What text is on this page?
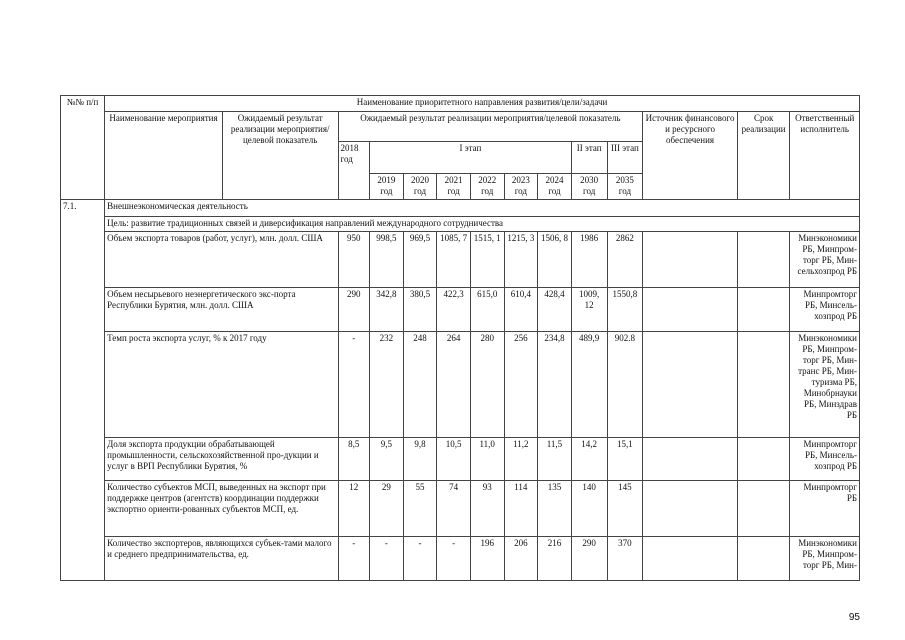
№№ п/п	Наименование приоритетного направления развития/цели/задачи													
	Наименование мероприятия	Ожидаемый результат реализации мероприятия/целевой показатель	Ожидаемый результат реализации мероприятия/целевой показатель									Источник финансового и ресурсного обеспечения	Срок реализации	Ответственный исполнитель
			2018 год	I этап						II этап	III этап			
				2019 год	2020 год	2021 год	2022 год	2023 год	2024 год	2030 год	2035 год			
7.1.	Внешнеэкономическая деятельность													
	Цель: развитие традиционных связей и диверсификация направлений международного сотрудничества													
	Объем экспорта товаров (работ, услуг), млн. долл. США		950	998,5	969,5	1085, 7	1515, 1	1215, 3	1506, 8	1986	2862			Минэкономики РБ, Минпром-торг РБ, Мин-сельхозпрод РБ
	Объем несырьевого неэнергетического экс-порта Республики Бурятия, млн. долл. США		290	342,8	380,5	422,3	615,0	610,4	428,4	1009, 12	1550,8			Минпромторг РБ, Минсель-хозпрод РБ
	Темп роста экспорта услуг, % к 2017 году		-	232	248	264	280	256	234,8	489,9	902.8			Минэкономики РБ, Минпром-торг РБ, Мин-транс РБ, Мин-туризма РБ, Минобрнауки РБ, Минздрав РБ
	Доля экспорта продукции обрабатывающей промышленности, сельскохозяйственной про-дукции и услуг в ВРП Республики Бурятия, %		8,5	9,5	9,8	10,5	11,0	11,2	11,5	14,2	15,1			Минпромторг РБ, Минсель-хозпрод РБ
	Количество субъектов МСП, выведенных на экспорт при поддержке центров (агентств) координации поддержки экспортно ориенти-рованных субъектов МСП, ед.		12	29	55	74	93	114	135	140	145			Минпромторг РБ
	Количество экспортеров, являющихся субъек-тами малого и среднего предпринимательства, ед.		-	-	-	-	196	206	216	290	370			Минэкономики РБ, Минпром-торг РБ, Мин-
95
